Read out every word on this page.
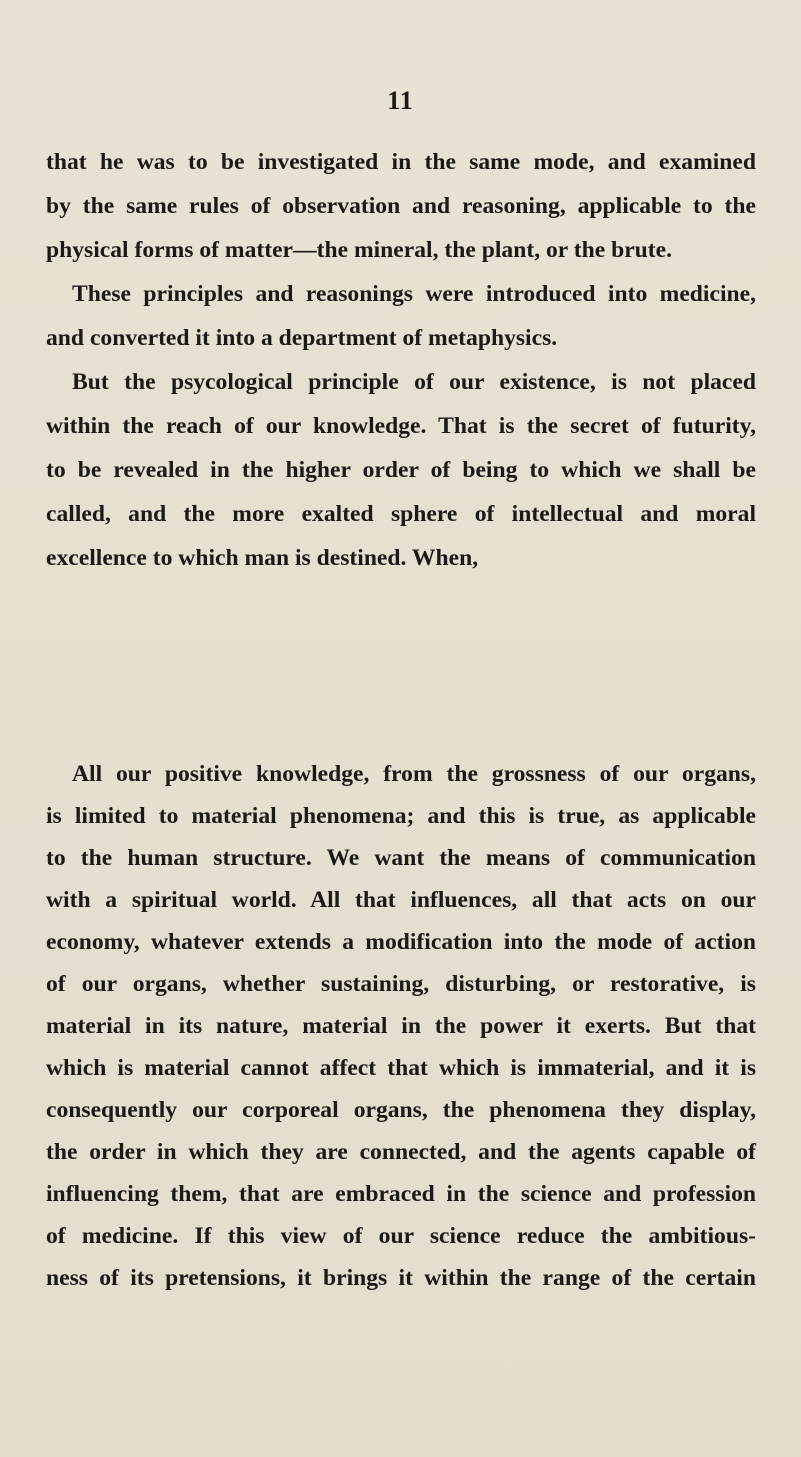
11
that he was to be investigated in the same mode, and examined
by the same rules of observation and reasoning, applicable to the
physical forms of matter—the mineral, the plant, or the brute.
These principles and reasonings were introduced into medicine,
and converted it into a department of metaphysics.
But the psycological principle of our existence, is not placed
within the reach of our knowledge. That is the secret of futurity,
to be revealed in the higher order of being to which we shall be
called, and the more exalted sphere of intellectual and moral
excellence to which man is destined. When,
All our positive knowledge, from the grossness of our organs,
is limited to material phenomena; and this is true, as applicable
to the human structure. We want the means of communication
with a spiritual world. All that influences, all that acts on our
economy, whatever extends a modification into the mode of action
of our organs, whether sustaining, disturbing, or restorative, is
material in its nature, material in the power it exerts. But that
which is material cannot affect that which is immaterial, and it is
consequently our corporeal organs, the phenomena they display,
the order in which they are connected, and the agents capable of
influencing them, that are embraced in the science and profession
of medicine. If this view of our science reduce the ambitious-
ness of its pretensions, it brings it within the range of the certain
